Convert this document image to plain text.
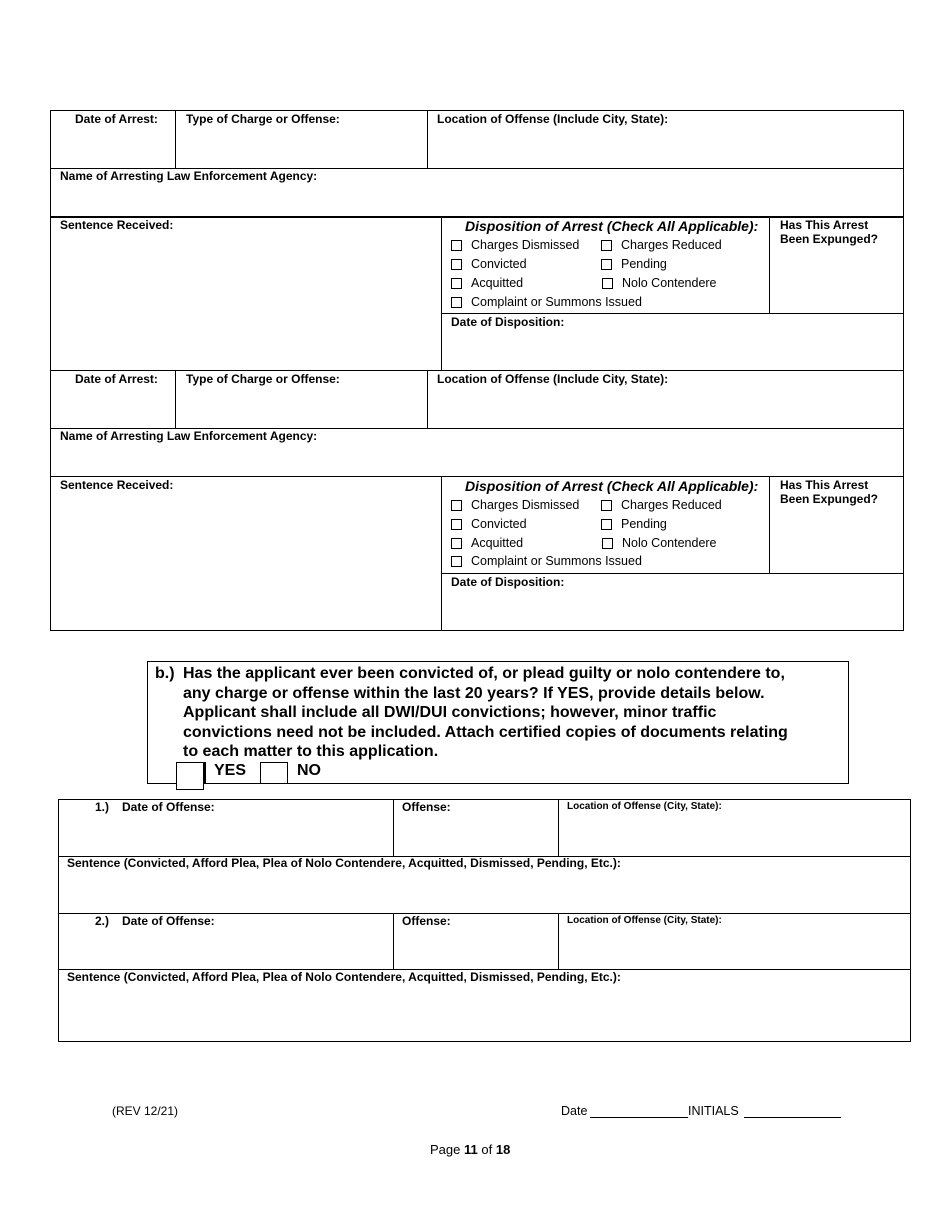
Date of Arrest: Type of Charge or Offense:	Location of Offense (Include City, State):
Name of Arresting Law Enforcement Agency:
Sentence Received:	Disposition of Arrest (Check All Applicable):
Charges Dismissed	Charges Reduced
Convicted	Pending
Acquitted	Nolo Contendere
Complaint or Summons Issued
Has This Arrest
Been Expunged?
Date of Disposition:
Date of Arrest: Type of Charge or Offense:	Location of Offense (Include City, State):
Name of Arresting Law Enforcement Agency:
Sentence Received:	Disposition of Arrest (Check All Applicable):
Charges Dismissed	Charges Reduced
Convicted	Pending
Acquitted	Nolo Contendere
Complaint or Summons Issued
Has This Arrest
Been Expunged?
Date of Disposition:
b.) Has the applicant ever been convicted of, or plead guilty or nolo contendere to,
any charge or offense within the last 20 years? If YES, provide details below.
Applicant shall include all DWI/DUI convictions; however, minor traffic
convictions need not be included. Attach certified copies of documents relating
to each matter to this application.
YES	NO
1.) Date of Offense:	Offense:	Location of Offense (City, State):
Sentence (Convicted, Afford Plea, Plea of Nolo Contendere, Acquitted, Dismissed, Pending, Etc.):
2.) Date of Offense:	Offense:	Location of Offense (City, State):
Sentence (Convicted, Afford Plea, Plea of Nolo Contendere, Acquitted, Dismissed, Pending, Etc.):
(REV 12/21)	Date	INITIALS
Page 11 of 18
